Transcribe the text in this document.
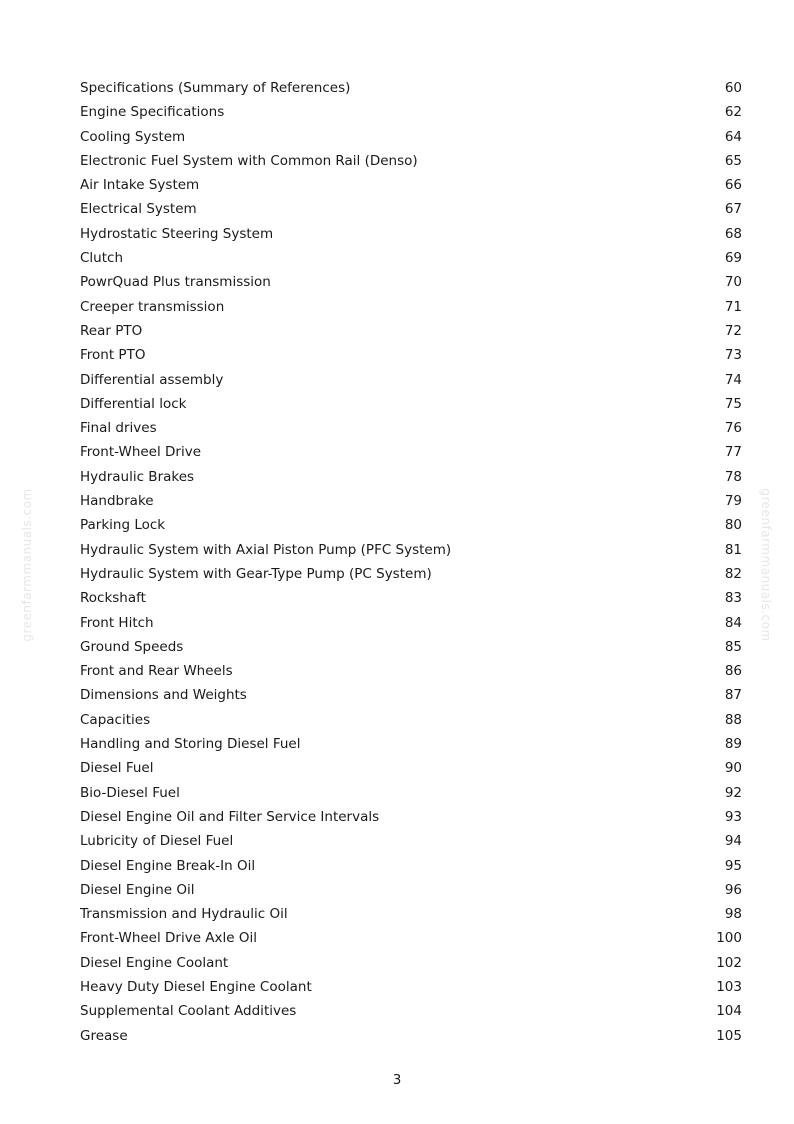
greenfarmmanuals.com	greenfarmmanuals.com
Specifications (Summary of References)	60
Engine Specifications	62
Cooling System	64
Electronic Fuel System with Common Rail (Denso)	65
Air Intake System	66
Electrical System	67
Hydrostatic Steering System	68
Clutch	69
PowrQuad Plus transmission	70
Creeper transmission	71
Rear PTO	72
Front PTO	73
Differential assembly	74
Differential lock	75
Final drives	76
Front-Wheel Drive	77
Hydraulic Brakes	78
Handbrake	79
Parking Lock	80
Hydraulic System with Axial Piston Pump (PFC System)	81
Hydraulic System with Gear-Type Pump (PC System)	82
Rockshaft	83
Front Hitch	84
Ground Speeds	85
Front and Rear Wheels	86
Dimensions and Weights	87
Capacities	88
Handling and Storing Diesel Fuel	89
Diesel Fuel	90
Bio-Diesel Fuel	92
Diesel Engine Oil and Filter Service Intervals	93
Lubricity of Diesel Fuel	94
Diesel Engine Break-In Oil	95
Diesel Engine Oil	96
Transmission and Hydraulic Oil	98
Front-Wheel Drive Axle Oil	100
Diesel Engine Coolant	102
Heavy Duty Diesel Engine Coolant	103
Supplemental Coolant Additives	104
Grease	105
3
